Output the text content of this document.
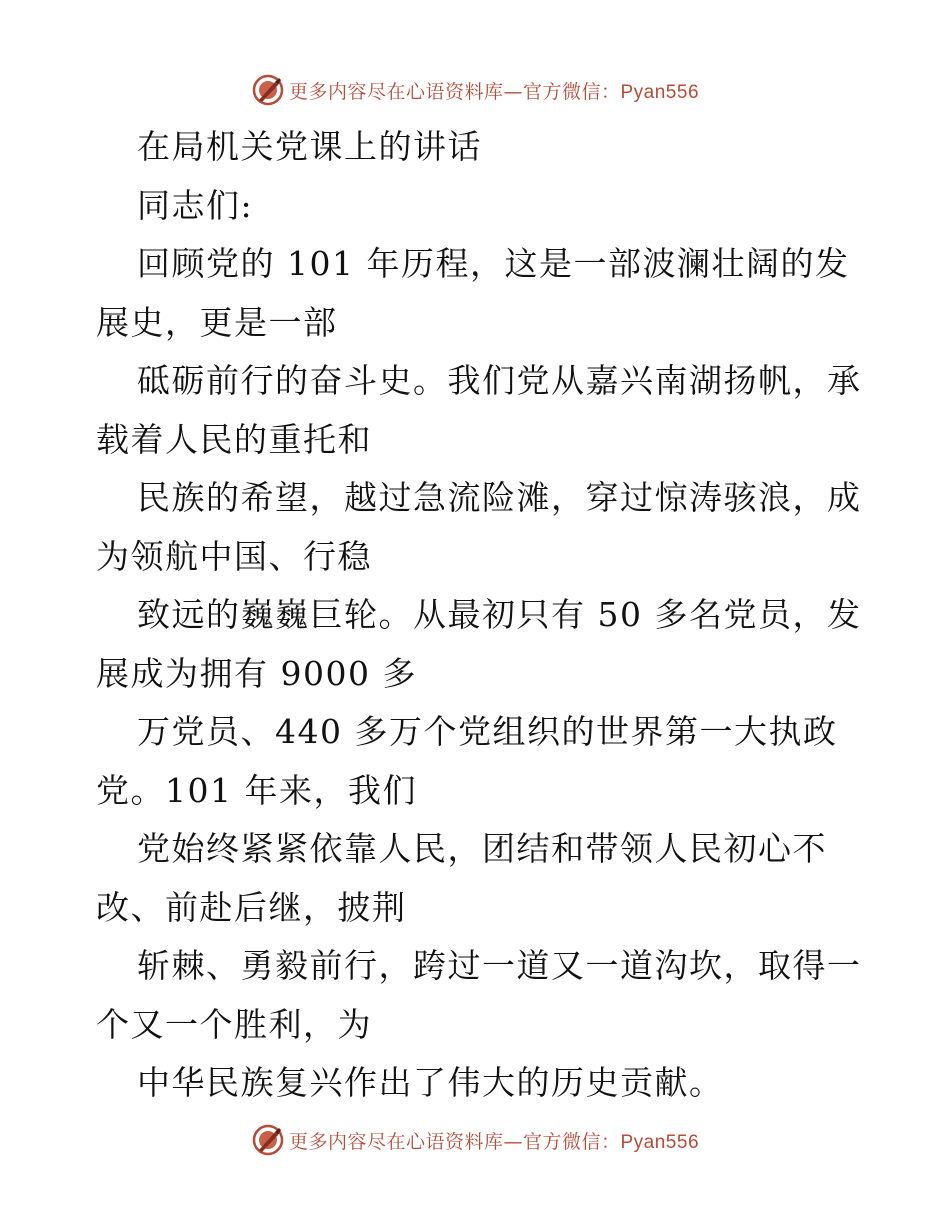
更多内容尽在心语资料库—官方微信：Pyan556
在局机关党课上的讲话
同志们:
回顾党的 101 年历程，这是一部波澜壮阔的发
展史，更是一部
砥砺前行的奋斗史。我们党从嘉兴南湖扬帆，承
载着人民的重托和
民族的希望，越过急流险滩，穿过惊涛骇浪，成
为领航中国、行稳
致远的巍巍巨轮。从最初只有 50 多名党员，发
展成为拥有 9000 多
万党员、440 多万个党组织的世界第一大执政
党。101 年来，我们
党始终紧紧依靠人民，团结和带领人民初心不
改、前赴后继，披荆
斩棘、勇毅前行，跨过一道又一道沟坎，取得一
个又一个胜利，为
中华民族复兴作出了伟大的历史贡献。
更多内容尽在心语资料库—官方微信：Pyan556
